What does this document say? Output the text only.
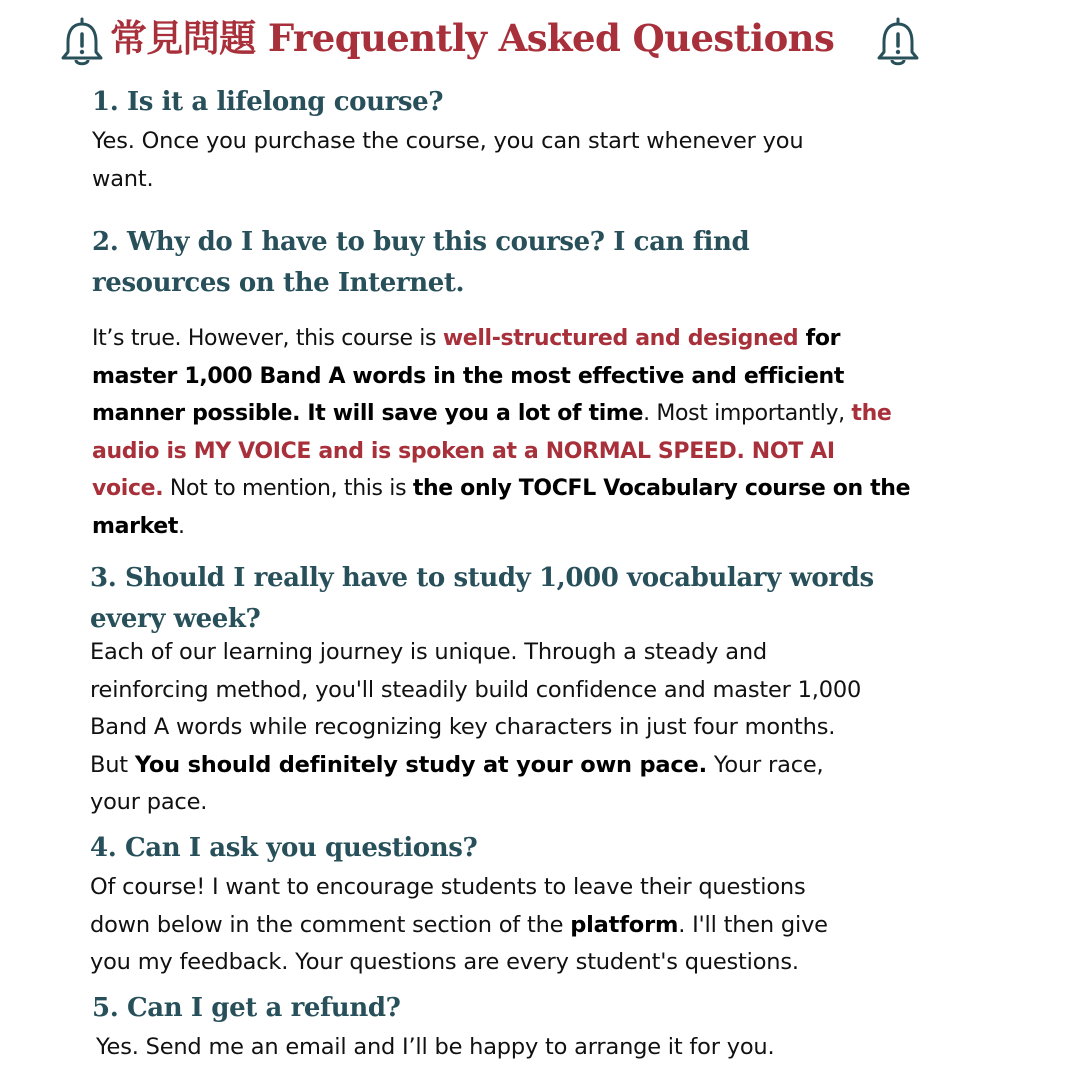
常見問題 Frequently Asked Questions
1. Is it a lifelong course?

Yes. Once you purchase the course, you can start whenever you want.

2. Why do I have to buy this course? I can find resources on the Internet.

It’s true. However, this course is well-structured and designed for master 1,000 Band A words in the most effective and efficient manner possible. It will save you a lot of time. Most importantly, the audio is MY VOICE and is spoken at a NORMAL SPEED. NOT AI voice. Not to mention, this is the only TOCFL Vocabulary course on the market.

3. Should I really have to study 1,000 vocabulary words every week?

Each of our learning journey is unique. Through a steady and reinforcing method, you'll steadily build confidence and master 1,000 Band A words while recognizing key characters in just four months. But You should definitely study at your own pace. Your race, your pace.

4. Can I ask you questions?

Of course! I want to encourage students to leave their questions down below in the comment section of the platform. I'll then give you my feedback. Your questions are every student's questions.

5. Can I get a refund?

Yes. Send me an email and I’ll be happy to arrange it for you.
